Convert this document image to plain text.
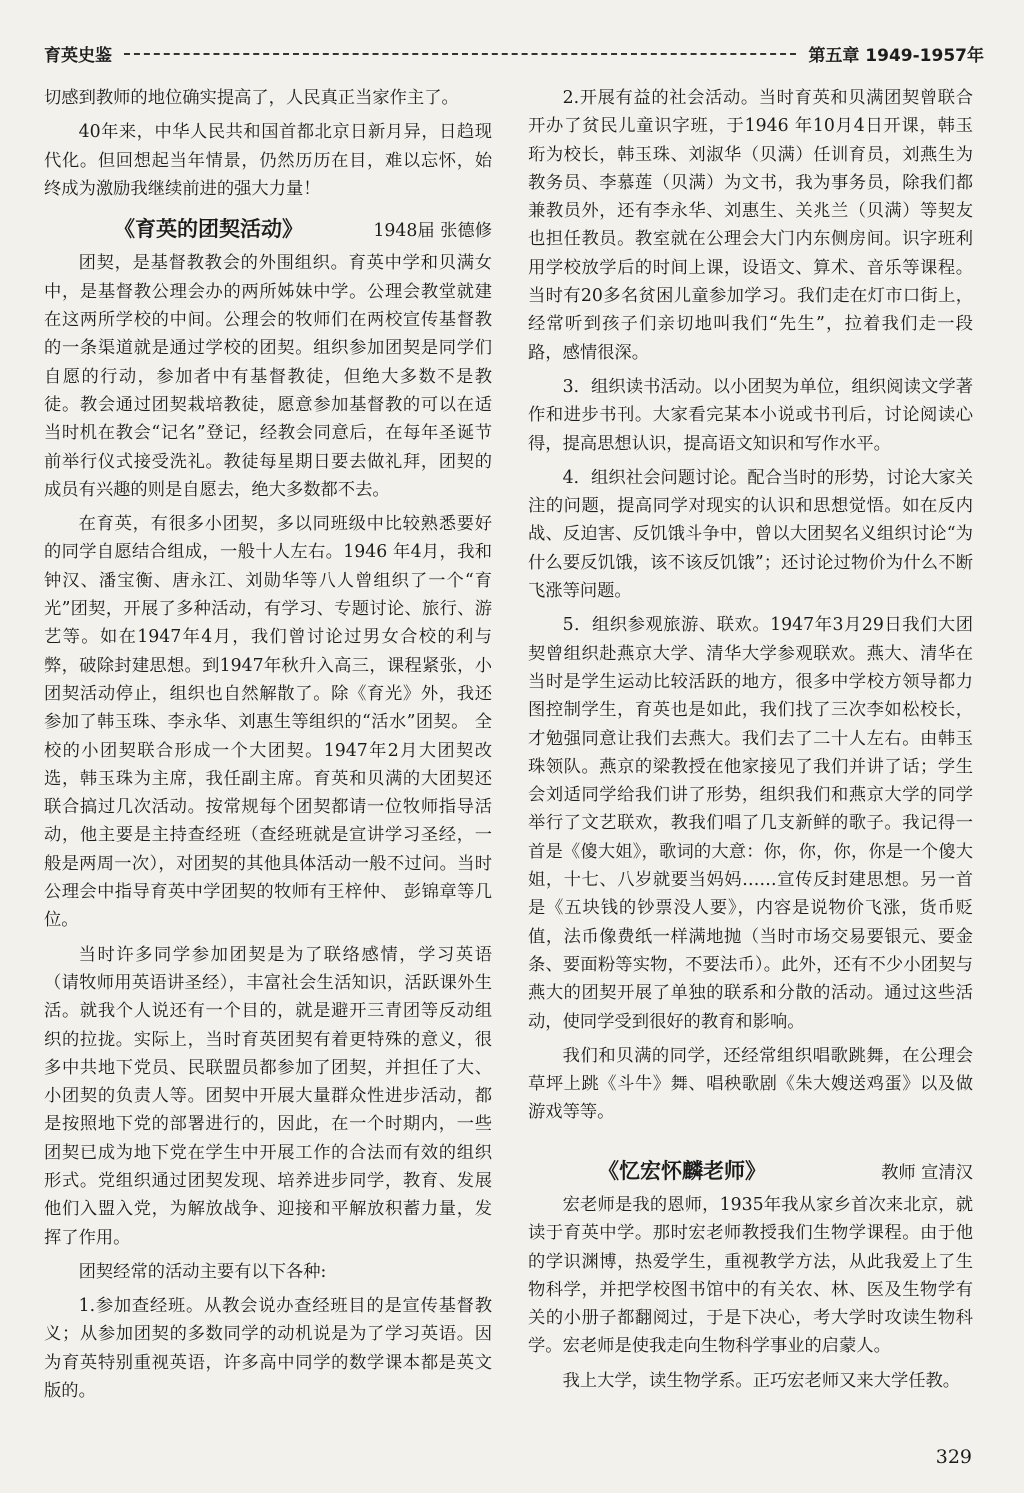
育英史鉴	第五章 1949-1957年

切感到教师的地位确实提高了，人民真正当家作主了。

40年来，中华人民共和国首都北京日新月异，日趋现代化。但回想起当年情景，仍然历历在目，难以忘怀，始终成为激励我继续前进的强大力量！

《育英的团契活动》	1948届 张德修

团契，是基督教教会的外围组织。育英中学和贝满女中，是基督教公理会办的两所姊妹中学。公理会教堂就建在这两所学校的中间。公理会的牧师们在两校宣传基督教的一条渠道就是通过学校的团契。组织参加团契是同学们自愿的行动，参加者中有基督教徒，但绝大多数不是教徒。教会通过团契栽培教徒，愿意参加基督教的可以在适当时机在教会“记名”登记，经教会同意后，在每年圣诞节前举行仪式接受洗礼。教徒每星期日要去做礼拜，团契的成员有兴趣的则是自愿去，绝大多数都不去。

在育英，有很多小团契，多以同班级中比较熟悉要好的同学自愿结合组成，一般十人左右。1946 年4月，我和钟汉、潘宝衡、唐永江、刘勋华等八人曾组织了一个“育光”团契，开展了多种活动，有学习、专题讨论、旅行、游艺等。如在1947年4月，我们曾讨论过男女合校的利与弊，破除封建思想。到1947年秋升入高三，课程紧张，小团契活动停止，组织也自然解散了。除《育光》外，我还参加了韩玉珠、李永华、刘惠生等组织的“活水”团契。 全校的小团契联合形成一个大团契。1947年2月大团契改选，韩玉珠为主席，我任副主席。育英和贝满的大团契还联合搞过几次活动。按常规每个团契都请一位牧师指导活动，他主要是主持查经班（查经班就是宣讲学习圣经，一般是两周一次），对团契的其他具体活动一般不过问。当时公理会中指导育英中学团契的牧师有王梓仲、 彭锦章等几位。

当时许多同学参加团契是为了联络感情，学习英语（请牧师用英语讲圣经），丰富社会生活知识，活跃课外生活。就我个人说还有一个目的，就是避开三青团等反动组织的拉拢。实际上，当时育英团契有着更特殊的意义，很多中共地下党员、民联盟员都参加了团契，并担任了大、小团契的负责人等。团契中开展大量群众性进步活动，都是按照地下党的部署进行的，因此，在一个时期内，一些团契已成为地下党在学生中开展工作的合法而有效的组织形式。党组织通过团契发现、培养进步同学，教育、发展他们入盟入党，为解放战争、迎接和平解放积蓄力量，发挥了作用。

团契经常的活动主要有以下各种:

1.参加查经班。从教会说办查经班目的是宣传基督教义；从参加团契的多数同学的动机说是为了学习英语。因为育英特别重视英语，许多高中同学的数学课本都是英文版的。

2.开展有益的社会活动。当时育英和贝满团契曾联合开办了贫民儿童识字班，于1946 年10月4日开课，韩玉珩为校长，韩玉珠、刘淑华（贝满）任训育员，刘燕生为教务员、李慕莲（贝满）为文书，我为事务员，除我们都兼教员外，还有李永华、刘惠生、关兆兰（贝满）等契友也担任教员。教室就在公理会大门内东侧房间。识字班利用学校放学后的时间上课，设语文、算术、音乐等课程。当时有20多名贫困儿童参加学习。我们走在灯市口街上，经常听到孩子们亲切地叫我们“先生”，拉着我们走一段路，感情很深。

3．组织读书活动。以小团契为单位，组织阅读文学著作和进步书刊。大家看完某本小说或书刊后，讨论阅读心得，提高思想认识，提高语文知识和写作水平。

4．组织社会问题讨论。配合当时的形势，讨论大家关注的问题，提高同学对现实的认识和思想觉悟。如在反内战、反迫害、反饥饿斗争中，曾以大团契名义组织讨论“为什么要反饥饿，该不该反饥饿”；还讨论过物价为什么不断飞涨等问题。

5．组织参观旅游、联欢。1947年3月29日我们大团契曾组织赴燕京大学、清华大学参观联欢。燕大、清华在当时是学生运动比较活跃的地方，很多中学校方领导都力图控制学生，育英也是如此，我们找了三次李如松校长，才勉强同意让我们去燕大。我们去了二十人左右。由韩玉珠领队。燕京的梁教授在他家接见了我们并讲了话；学生会刘适同学给我们讲了形势，组织我们和燕京大学的同学举行了文艺联欢，教我们唱了几支新鲜的歌子。我记得一首是《傻大姐》，歌词的大意：你，你，你，你是一个傻大姐，十七、八岁就要当妈妈……宣传反封建思想。另一首是《五块钱的钞票没人要》，内容是说物价飞涨，货币贬值，法币像费纸一样满地抛（当时市场交易要银元、要金条、要面粉等实物，不要法币）。此外，还有不少小团契与燕大的团契开展了单独的联系和分散的活动。通过这些活动，使同学受到很好的教育和影响。

我们和贝满的同学，还经常组织唱歌跳舞，在公理会草坪上跳《斗牛》舞、唱秧歌剧《朱大嫂送鸡蛋》以及做游戏等等。

《忆宏怀麟老师》	教师 宣清汉

宏老师是我的恩师，1935年我从家乡首次来北京，就读于育英中学。那时宏老师教授我们生物学课程。由于他的学识渊博，热爱学生，重视教学方法，从此我爱上了生物科学，并把学校图书馆中的有关农、林、医及生物学有关的小册子都翻阅过，于是下决心，考大学时攻读生物科学。宏老师是使我走向生物科学事业的启蒙人。

我上大学，读生物学系。正巧宏老师又来大学任教。

329
